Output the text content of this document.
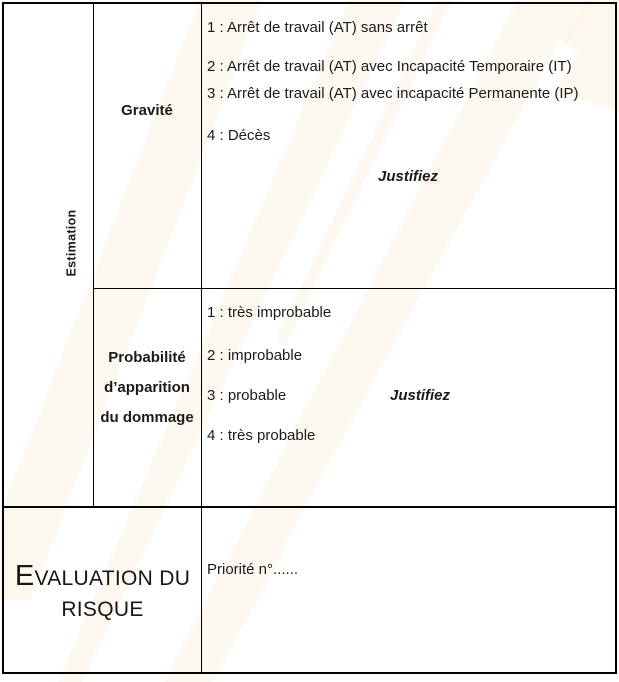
Estimation
Gravité
1 : Arrêt de travail (AT) sans arrêt
2 : Arrêt de travail (AT) avec Incapacité Temporaire (IT)
3 : Arrêt de travail (AT) avec incapacité Permanente (IP)
4 : Décès
Justifiez
Probabilité
d’apparition
du dommage
1 : très improbable
2 : improbable
3 : probable	Justifiez
4 : très probable
EVALUATION DU
RISQUE
Priorité n°......
